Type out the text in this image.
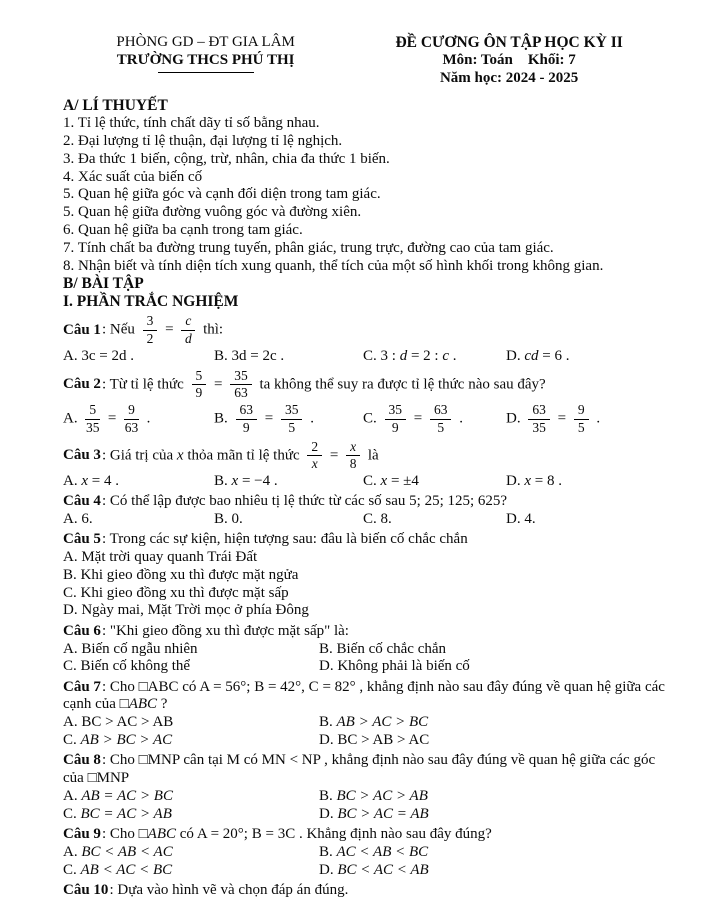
PHÒNG GD – ĐT GIA LÂM
TRƯỜNG THCS PHÚ THỊ
ĐỀ CƯƠNG ÔN TẬP HỌC KỲ II
Môn: Toán    Khối: 7
Năm học: 2024 - 2025
A/ LÍ THUYẾT
1. Tỉ lệ thức, tính chất dãy tỉ số bằng nhau.
2. Đại lượng tỉ lệ thuận, đại lượng tỉ lệ nghịch.
3. Đa thức 1 biến, cộng, trừ, nhân, chia đa thức 1 biến.
4. Xác suất của biến cố
5. Quan hệ giữa góc và cạnh đối diện trong tam giác.
5. Quan hệ giữa đường vuông góc và đường xiên.
6. Quan hệ giữa ba cạnh trong tam giác.
7. Tính chất ba đường trung tuyến, phân giác, trung trực, đường cao của tam giác.
8. Nhận biết và tính diện tích xung quanh, thể tích của một số hình khối trong không gian.
B/ BÀI TẬP
I. PHẦN TRẮC NGHIỆM
Câu 1: Nếu $\frac{3}{2} = \frac{c}{d}$ thì:
A. 3c = 2d .	B. 3d = 2c .	C. 3 : d = 2 : c .	D. cd = 6 .
Câu 2: Từ tỉ lệ thức $\frac{5}{9} = \frac{35}{63}$ ta không thể suy ra được tỉ lệ thức nào sau đây?
A. $\frac{5}{35} = \frac{9}{63}$ .	B. $\frac{63}{9} = \frac{35}{5}$ .	C. $\frac{35}{9} = \frac{63}{5}$ .	D. $\frac{63}{35} = \frac{9}{5}$ .
Câu 3: Giá trị của x thỏa mãn tỉ lệ thức $\frac{2}{x} = \frac{x}{8}$ là
A. x = 4 .	B. x = −4 .	C. x = ±4	D. x = 8 .
Câu 4: Có thể lập được bao nhiêu tị lệ thức từ các số sau 5; 25; 125; 625?
A. 6.	B. 0.	C. 8.	D. 4.
Câu 5: Trong các sự kiện, hiện tượng sau: đâu là biến cố chắc chắn
A. Mặt trời quay quanh Trái Đất
B. Khi gieo đồng xu thì được mặt ngửa
C. Khi gieo đồng xu thì được mặt sấp
D. Ngày mai, Mặt Trời mọc ở phía Đông
Câu 6: "Khi gieo đồng xu thì được mặt sấp" là:
A. Biến cố ngẫu nhiên	B. Biến cố chắc chắn
C. Biến cố không thể	D. Không phải là biến cố
Câu 7: Cho □ABC có A = 56°; B = 42°, C = 82° , khẳng định nào sau đây đúng về quan hệ giữa các cạnh của □ABC ?
A. BC > AC > AB	B. AB > AC > BC
C. AB > BC > AC	D. BC > AB > AC
Câu 8: Cho □MNP cân tại M có MN < NP , khẳng định nào sau đây đúng về quan hệ giữa các góc của □MNP
A. AB = AC > BC	B. BC > AC > AB
C. BC = AC > AB	D. BC > AC = AB
Câu 9: Cho □ABC có A = 20°; B = 3C . Khẳng định nào sau đây đúng?
A. BC < AB < AC	B. AC < AB < BC
C. AB < AC < BC	D. BC < AC < AB
Câu 10: Dựa vào hình vẽ và chọn đáp án đúng.
